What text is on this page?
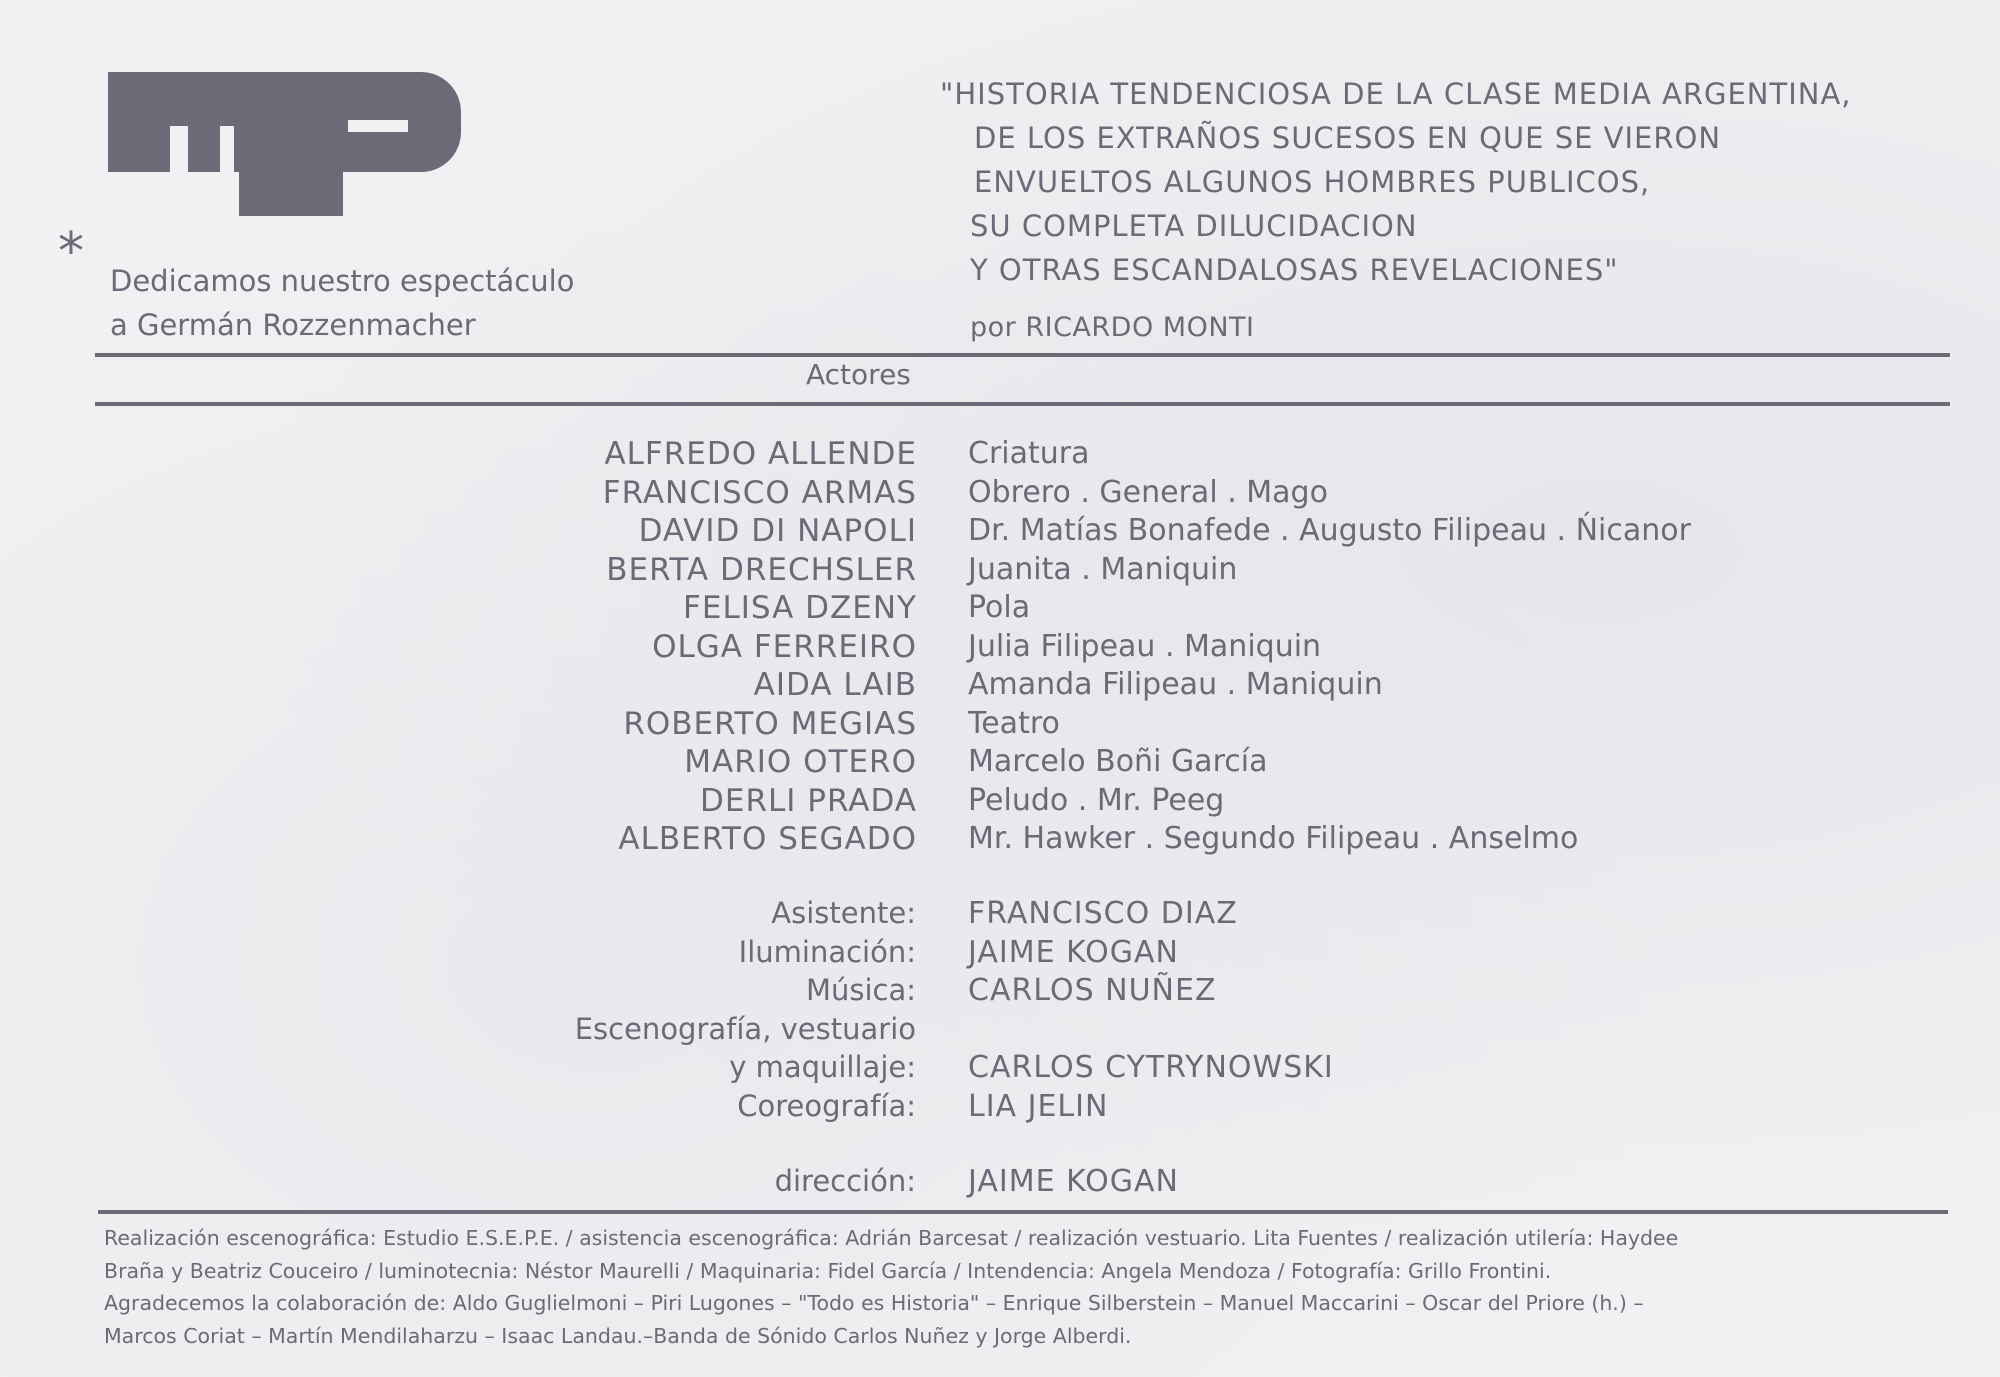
* Dedicamos nuestro espectáculo
a Germán Rozzenmacher
"HISTORIA TENDENCIOSA DE LA CLASE MEDIA ARGENTINA,
DE LOS EXTRAÑOS SUCESOS EN QUE SE VIERON
ENVUELTOS ALGUNOS HOMBRES PUBLICOS,
SU COMPLETA DILUCIDACION
Y OTRAS ESCANDALOSAS REVELACIONES"
por RICARDO MONTI
Actores
ALFREDO ALLENDE Criatura
FRANCISCO ARMAS Obrero . General . Mago
DAVID DI NAPOLI Dr. Matías Bonafede . Augusto Filipeau . Ńicanor
BERTA DRECHSLER Juanita . Maniquin
FELISA DZENY Pola
OLGA FERREIRO Julia Filipeau . Maniquin
AIDA LAIB Amanda Filipeau . Maniquin
ROBERTO MEGIAS Teatro
MARIO OTERO Marcelo Boñi García
DERLI PRADA Peludo . Mr. Peeg
ALBERTO SEGADO Mr. Hawker . Segundo Filipeau . Anselmo
Asistente: FRANCISCO DIAZ
Iluminación: JAIME KOGAN
Música: CARLOS NUÑEZ
Escenografía, vestuario
y maquillaje: CARLOS CYTRYNOWSKI
Coreografía: LIA JELIN
dirección: JAIME KOGAN
Realización escenográfica: Estudio E.S.E.P.E. / asistencia escenográfica: Adrián Barcesat / realización vestuario. Lita Fuentes / realización utilería: Haydee
Braña y Beatriz Couceiro / luminotecnia: Néstor Maurelli / Maquinaria: Fidel García / Intendencia: Angela Mendoza / Fotografía: Grillo Frontini.
Agradecemos la colaboración de: Aldo Guglielmoni – Piri Lugones – "Todo es Historia" – Enrique Silberstein – Manuel Maccarini – Oscar del Priore (h.) –
Marcos Coriat – Martín Mendilaharzu – Isaac Landau.–Banda de Sónido Carlos Nuñez y Jorge Alberdi.
